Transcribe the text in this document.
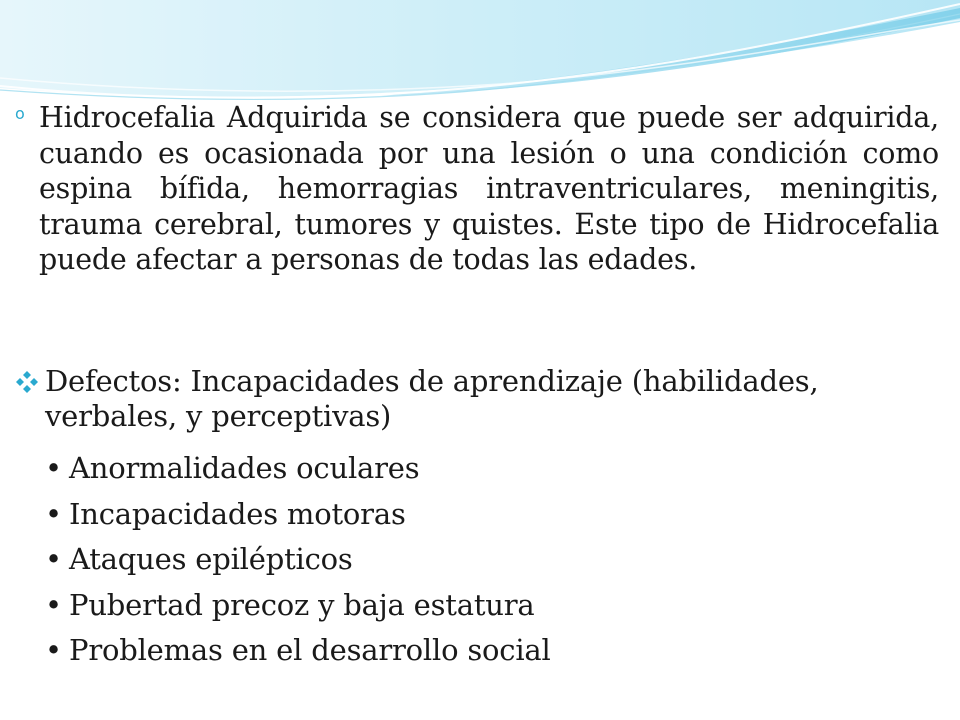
o Hidrocefalia Adquirida se considera que puede ser adquirida, cuando es ocasionada por una lesión o una condición como espina bífida, hemorragias intraventriculares, meningitis, trauma cerebral, tumores y quistes. Este tipo de Hidrocefalia puede afectar a personas de todas las edades.

Defectos: Incapacidades de aprendizaje (habilidades, verbales, y perceptivas)

• Anormalidades oculares
• Incapacidades motoras
• Ataques epilépticos
• Pubertad precoz y baja estatura
• Problemas en el desarrollo social
